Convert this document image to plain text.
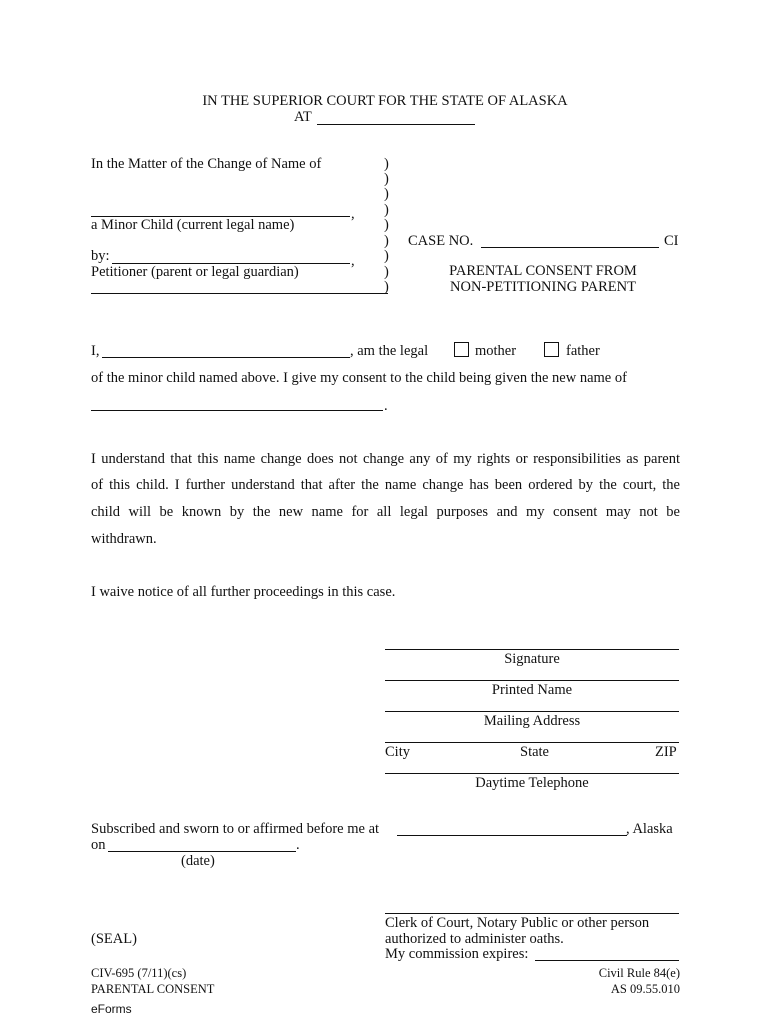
IN THE SUPERIOR COURT FOR THE STATE OF ALASKA
AT
In the Matter of the Change of Name of
,
a Minor Child (current legal name)
by:	,
Petitioner (parent or legal guardian)
)
)
)
)
)
)
)
)
)
CASE NO.	CI
PARENTAL CONSENT FROM
NON-PETITIONING PARENT
I,	, am the legal	mother	father
of the minor child named above. I give my consent to the child being given the new name of
.
I understand that this name change does not change any of my rights or responsibilities as parent
of this child. I further understand that after the name change has been ordered by the court, the
child will be known by the new name for all legal purposes and my consent may not be
withdrawn.
I waive notice of all further proceedings in this case.
Signature
Printed Name
Mailing Address
City	State	ZIP
Daytime Telephone
Subscribed and sworn to or affirmed before me at	, Alaska
on	.
(date)
Clerk of Court, Notary Public or other person
(SEAL)	authorized to administer oaths.
My commission expires:
CIV-695 (7/11)(cs)
PARENTAL CONSENT
Civil Rule 84(e)
AS 09.55.010
eForms
